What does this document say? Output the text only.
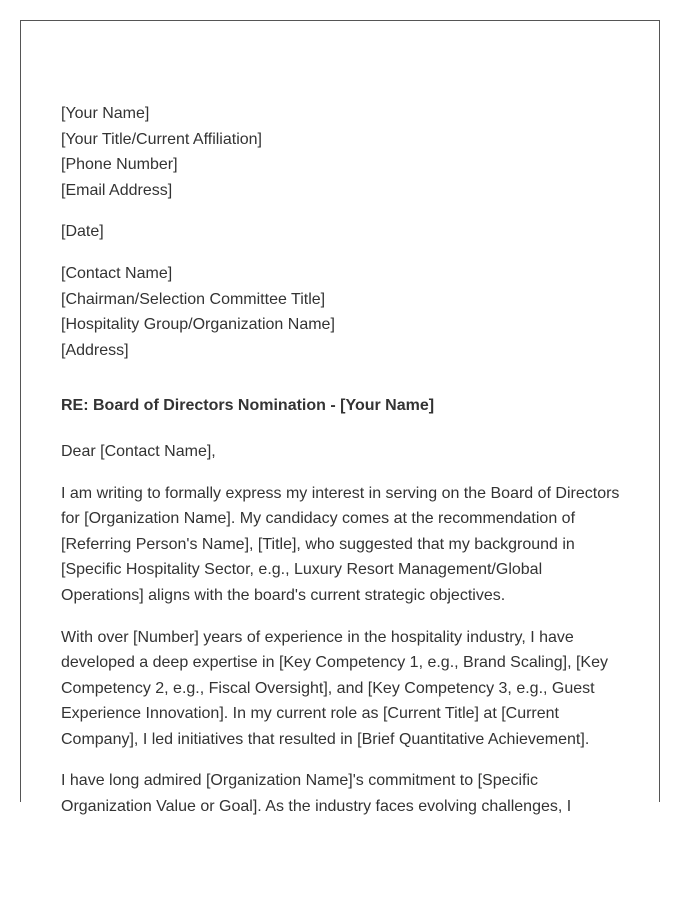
[Your Name]
[Your Title/Current Affiliation]
[Phone Number]
[Email Address]
[Date]
[Contact Name]
[Chairman/Selection Committee Title]
[Hospitality Group/Organization Name]
[Address]
RE: Board of Directors Nomination - [Your Name]
Dear [Contact Name],
I am writing to formally express my interest in serving on the Board of Directors
for [Organization Name]. My candidacy comes at the recommendation of
[Referring Person's Name], [Title], who suggested that my background in
[Specific Hospitality Sector, e.g., Luxury Resort Management/Global
Operations] aligns with the board's current strategic objectives.
With over [Number] years of experience in the hospitality industry, I have
developed a deep expertise in [Key Competency 1, e.g., Brand Scaling], [Key
Competency 2, e.g., Fiscal Oversight], and [Key Competency 3, e.g., Guest
Experience Innovation]. In my current role as [Current Title] at [Current
Company], I led initiatives that resulted in [Brief Quantitative Achievement].
I have long admired [Organization Name]'s commitment to [Specific
Organization Value or Goal]. As the industry faces evolving challenges, I
